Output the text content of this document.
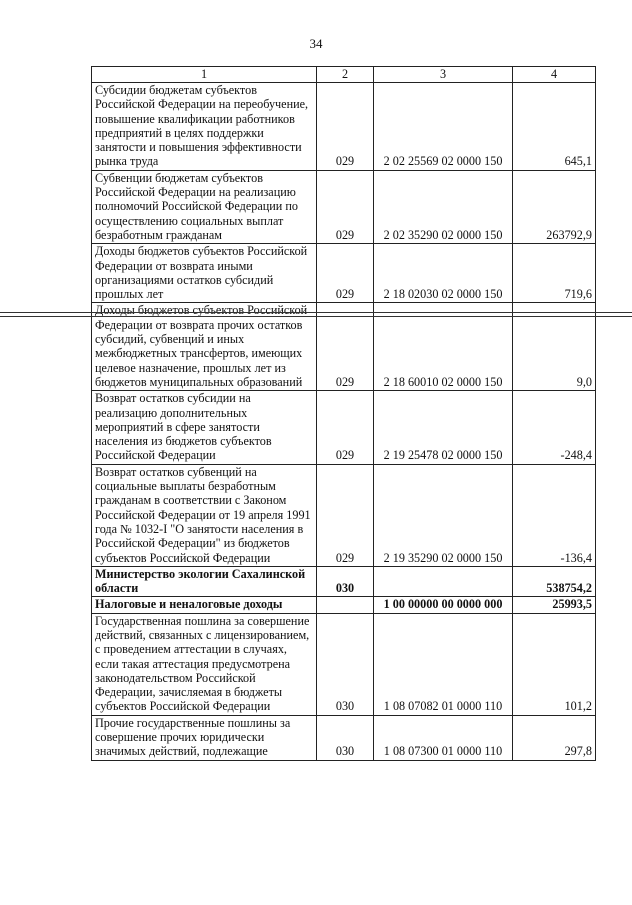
34
1	2	3	4
Субсидии бюджетам субъектов Российской Федерации на переобучение, повышение квалификации работников предприятий в целях поддержки занятости и повышения эффективности рынка труда	029	2 02 25569 02 0000 150	645,1
Субвенции бюджетам субъектов Российской Федерации на реализацию полномочий Российской Федерации по осуществлению социальных выплат безработным гражданам	029	2 02 35290 02 0000 150	263792,9
Доходы бюджетов субъектов Российской Федерации от возврата иными организациями остатков субсидий прошлых лет	029	2 18 02030 02 0000 150	719,6
Доходы бюджетов субъектов Российской Федерации от возврата прочих остатков субсидий, субвенций и иных межбюджетных трансфертов, имеющих целевое назначение, прошлых лет из бюджетов муниципальных образований	029	2 18 60010 02 0000 150	9,0
Возврат остатков субсидии на реализацию дополнительных мероприятий в сфере занятости населения из бюджетов субъектов Российской Федерации	029	2 19 25478 02 0000 150	-248,4
Возврат остатков субвенций на социальные выплаты безработным гражданам в соответствии с Законом Российской Федерации от 19 апреля 1991 года № 1032-I "О занятости населения в Российской Федерации" из бюджетов субъектов Российской Федерации	029	2 19 35290 02 0000 150	-136,4
Министерство экологии Сахалинской области	030		538754,2
Налоговые и неналоговые доходы		1 00 00000 00 0000 000	25993,5
Государственная пошлина за совершение действий, связанных с лицензированием, с проведением аттестации в случаях, если такая аттестация предусмотрена законодательством Российской Федерации, зачисляемая в бюджеты субъектов Российской Федерации	030	1 08 07082 01 0000 110	101,2
Прочие государственные пошлины за совершение прочих юридически значимых действий, подлежащие	030	1 08 07300 01 0000 110	297,8
